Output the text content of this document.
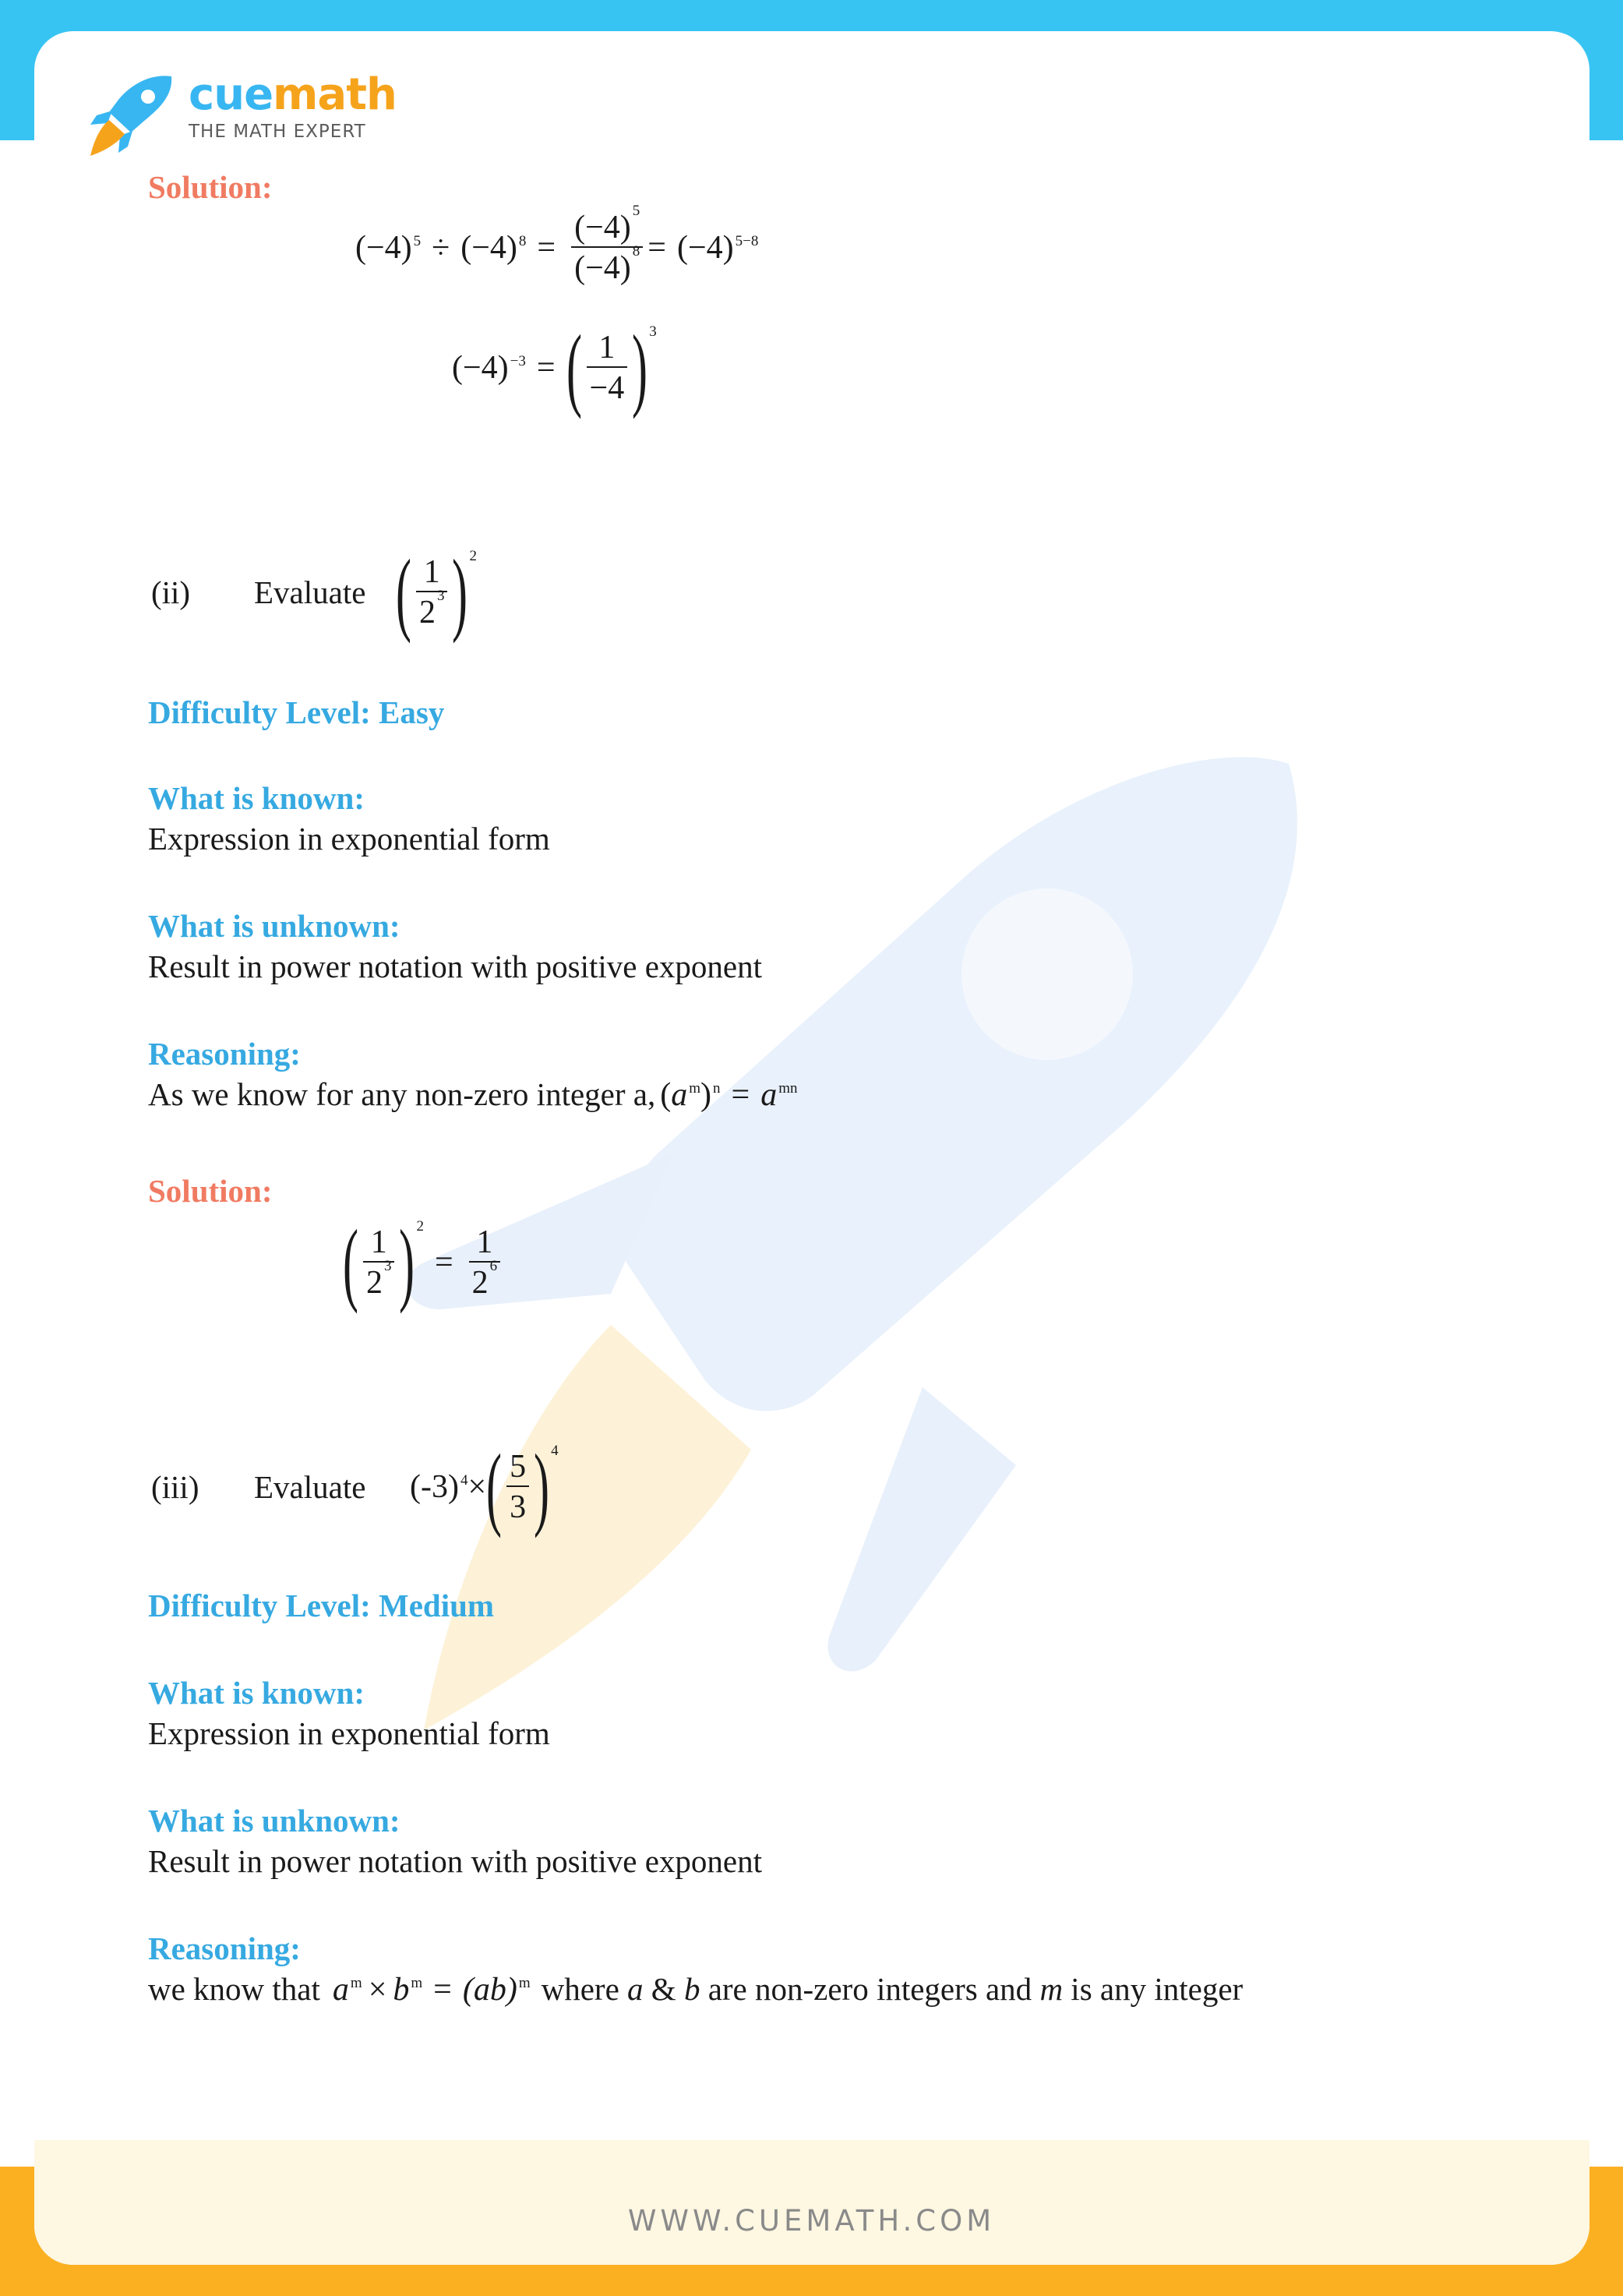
cuemath
THE MATH EXPERT
Solution:
$(-4)^5 \div (-4)^8 = \frac{(-4) ^5}{(-4) ^8} = (-4)^{5-8}$
$(-4)^{-3}$ = ( $\frac{1}{-4} )^3$
(ii) Evaluate ( $\frac{1}{2 ^3} )^2$
Difficulty Level: Easy
What is known:
Expression in exponential form
What is unknown:
Result in power notation with positive exponent
Reasoning:
As we know for any non-zero integer a, ( $a^m$ )$^n = a^{mn}$
Solution:
( $\frac{1}{2 ^3} )^2$
= $\frac{1}{2 ^6}$
(iii) Evaluate $(-3)^4$ × ( $\frac{5}{3} )^4$
Difficulty Level: Medium
What is known:
Expression in exponential form
What is unknown:
Result in power notation with positive exponent
Reasoning:
we know that $a^m \times b^m = (ab)^m$ where
a
&
b
are non-zero integers and
m
is any integer
WWW.CUEMATH.COM
